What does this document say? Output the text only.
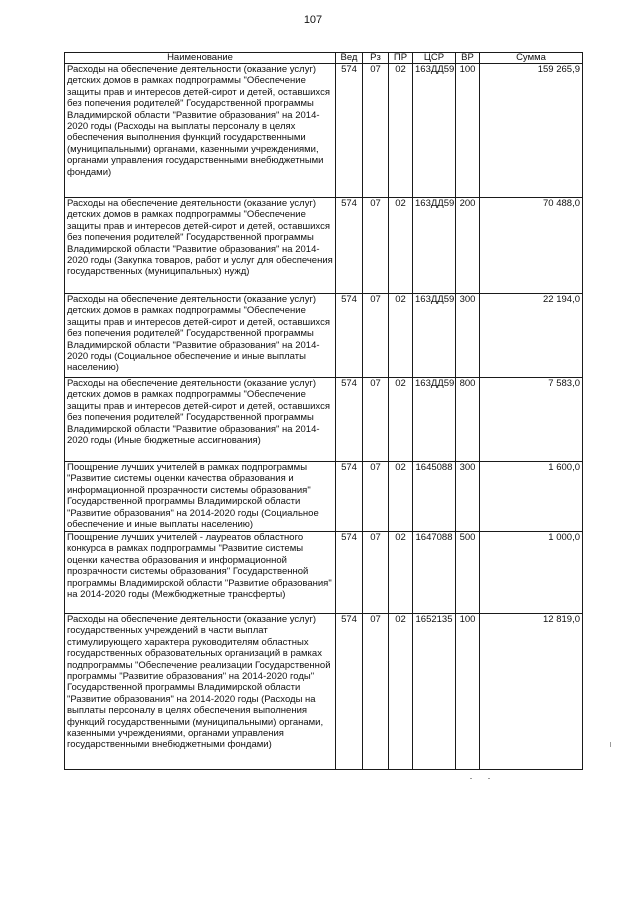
107
Наименование	Вед	Рз	ПР	ЦСР	ВР	Сумма
Расходы на обеспечение деятельности (оказание услуг) детских домов в рамках подпрограммы "Обеспечение защиты прав и интересов детей-сирот и детей, оставшихся без попечения родителей" Государственной программы Владимирской области "Развитие образования" на 2014-2020 годы (Расходы на выплаты персоналу в целях обеспечения выполнения функций государственными (муниципальными) органами, казенными учреждениями, органами управления государственными внебюджетными фондами)	574	07	02	163ДД59	100	159 265,9
Расходы на обеспечение деятельности (оказание услуг) детских домов в рамках подпрограммы "Обеспечение защиты прав и интересов детей-сирот и детей, оставшихся без попечения родителей" Государственной программы Владимирской области "Развитие образования" на 2014-2020 годы (Закупка товаров, работ и услуг для обеспечения государственных (муниципальных) нужд)	574	07	02	163ДД59	200	70 488,0
Расходы на обеспечение деятельности (оказание услуг) детских домов в рамках подпрограммы "Обеспечение защиты прав и интересов детей-сирот и детей, оставшихся без попечения родителей" Государственной программы Владимирской области "Развитие образования" на 2014-2020 годы (Социальное обеспечение и иные выплаты населению)	574	07	02	163ДД59	300	22 194,0
Расходы на обеспечение деятельности (оказание услуг) детских домов в рамках подпрограммы "Обеспечение защиты прав и интересов детей-сирот и детей, оставшихся без попечения родителей" Государственной программы Владимирской области "Развитие образования" на 2014-2020 годы (Иные бюджетные ассигнования)	574	07	02	163ДД59	800	7 583,0
Поощрение лучших учителей в рамках подпрограммы "Развитие системы оценки качества образования и информационной прозрачности системы образования" Государственной программы Владимирской области "Развитие образования" на 2014-2020 годы (Социальное обеспечение и иные выплаты населению)	574	07	02	1645088	300	1 600,0
Поощрение лучших учителей - лауреатов областного конкурса в рамках подпрограммы "Развитие системы оценки качества образования и информационной прозрачности системы образования" Государственной программы Владимирской области "Развитие образования" на 2014-2020 годы (Межбюджетные трансферты)	574	07	02	1647088	500	1 000,0
Расходы на обеспечение деятельности (оказание услуг) государственных учреждений в части выплат стимулирующего характера руководителям областных государственных образовательных организаций в рамках подпрограммы "Обеспечение реализации Государственной программы "Развитие образования" на 2014-2020 годы" Государственной программы Владимирской области "Развитие образования" на 2014-2020 годы (Расходы на выплаты персоналу в целях обеспечения выполнения функций государственными (муниципальными) органами, казенными учреждениями, органами управления государственными внебюджетными фондами)	574	07	02	1652135	100	12 819,0
